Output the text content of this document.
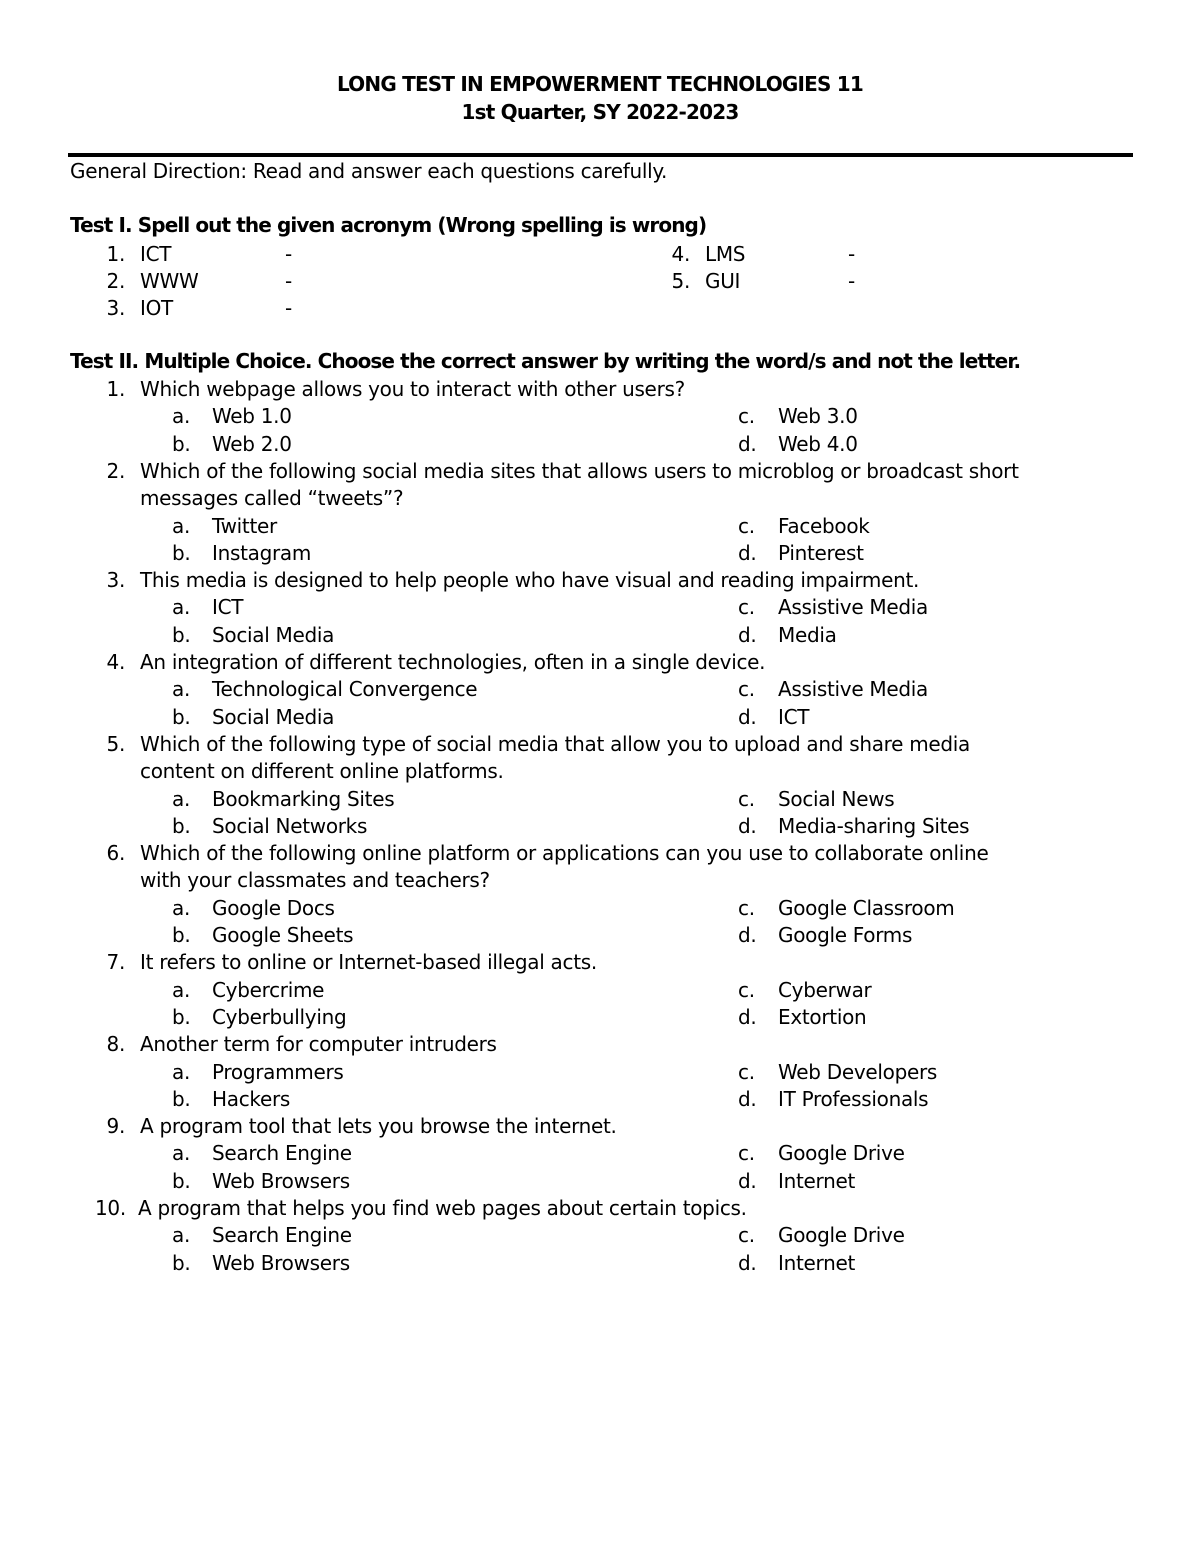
LONG TEST IN EMPOWERMENT TECHNOLOGIES 11
1st Quarter, SY 2022-2023
General Direction: Read and answer each questions carefully.
Test I. Spell out the given acronym (Wrong spelling is wrong)
1. ICT	-
2. WWW	-
3. IOT	-
4. LMS	-
5. GUI	-
Test II. Multiple Choice. Choose the correct answer by writing the word/s and not the letter.
1. Which webpage allows you to interact with other users?
a. Web 1.0	c. Web 3.0
b. Web 2.0	d. Web 4.0
2. Which of the following social media sites that allows users to microblog or broadcast short
messages called “tweets”?
a. Twitter	c. Facebook
b. Instagram	d. Pinterest
3. This media is designed to help people who have visual and reading impairment.
a. ICT	c. Assistive Media
b. Social Media	d. Media
4. An integration of different technologies, often in a single device.
a. Technological Convergence	c. Assistive Media
b. Social Media	d. ICT
5. Which of the following type of social media that allow you to upload and share media
content on different online platforms.
a. Bookmarking Sites	c. Social News
b. Social Networks	d. Media-sharing Sites
6. Which of the following online platform or applications can you use to collaborate online
with your classmates and teachers?
a. Google Docs	c. Google Classroom
b. Google Sheets	d. Google Forms
7. It refers to online or Internet-based illegal acts.
a. Cybercrime	c. Cyberwar
b. Cyberbullying	d. Extortion
8. Another term for computer intruders
a. Programmers	c. Web Developers
b. Hackers	d. IT Professionals
9. A program tool that lets you browse the internet.
a. Search Engine	c. Google Drive
b. Web Browsers	d. Internet
10. A program that helps you find web pages about certain topics.
a. Search Engine	c. Google Drive
b. Web Browsers	d. Internet
